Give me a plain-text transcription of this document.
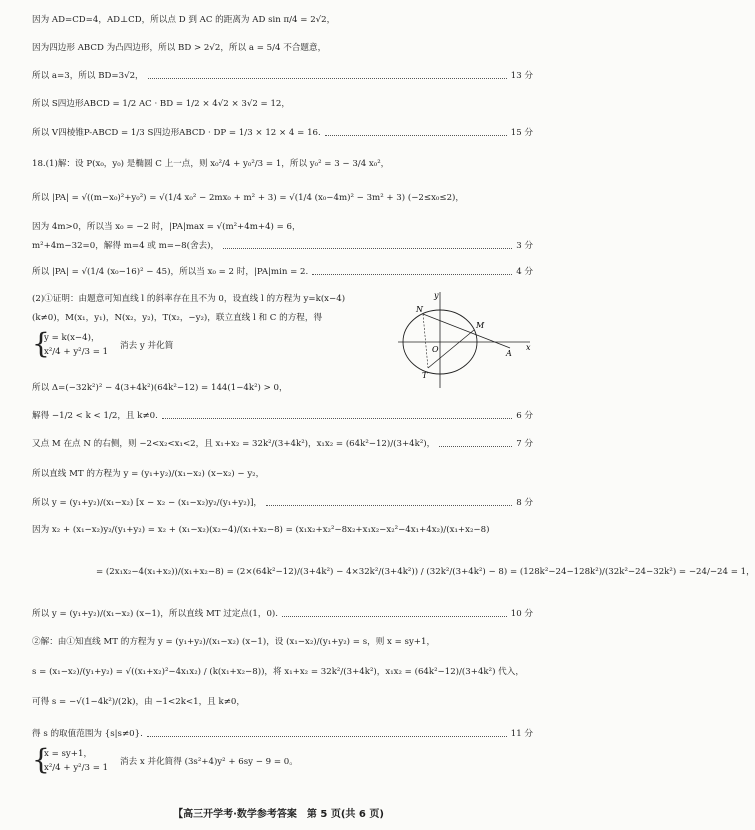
因为 AD=CD=4，AD⊥CD，所以点 D 到 AC 的距离为 AD sin π/4 = 2√2，
因为四边形 ABCD 为凸四边形，所以 BD > 2√2，所以 a = 5/4 不合题意，
所以 a=3，所以 BD=3√2，	13 分
所以 S四边形ABCD = 1/2 AC · BD = 1/2 × 4√2 × 3√2 = 12，
所以 V四棱锥P-ABCD = 1/3 S四边形ABCD · DP = 1/3 × 12 × 4 = 16.	15 分
18.(1)解：设 P(x₀，y₀) 是椭圆 C 上一点，则 x₀²/4 + y₀²/3 = 1，所以 y₀² = 3 − 3/4 x₀²，
所以 |PA| = √((m−x₀)²+y₀²) = √(1/4 x₀² − 2mx₀ + m² + 3) = √(1/4 (x₀−4m)² − 3m² + 3) (−2≤x₀≤2)，
因为 4m>0，所以当 x₀ = −2 时，|PA|max = √(m²+4m+4) = 6，
m²+4m−32=0，解得 m=4 或 m=−8(舍去)，	3 分
所以 |PA| = √(1/4 (x₀−16)² − 45)，所以当 x₀ = 2 时，|PA|min = 2.	4 分
(2)①证明：由题意可知直线 l 的斜率存在且不为 0，设直线 l 的方程为 y=k(x−4)
(k≠0)，M(x₁，y₁)，N(x₂，y₂)，T(x₂，−y₂)，联立直线 l 和 C 的方程，得
所以 Δ=(−32k²)² − 4(3+4k²)(64k²−12) = 144(1−4k²) > 0，
解得 −1/2 < k < 1/2，且 k≠0.	6 分
又点 M 在点 N 的右侧，则 −2<x₂<x₁<2，且 x₁+x₂ = 32k²/(3+4k²)，x₁x₂ = (64k²−12)/(3+4k²)，	7 分
所以直线 MT 的方程为 y = (y₁+y₂)/(x₁−x₂) (x−x₂) − y₂，
所以 y = (y₁+y₂)/(x₁−x₂) [x − x₂ − (x₁−x₂)y₂/(y₁+y₂)]，	8 分
因为 x₂ + (x₁−x₂)y₂/(y₁+y₂) = x₂ + (x₁−x₂)(x₂−4)/(x₁+x₂−8) = (x₁x₂+x₂²−8x₂+x₁x₂−x₂²−4x₁+4x₂)/(x₁+x₂−8)
= (2x₁x₂−4(x₁+x₂))/(x₁+x₂−8) = (2×(64k²−12)/(3+4k²) − 4×32k²/(3+4k²)) / (32k²/(3+4k²) − 8) = (128k²−24−128k²)/(32k²−24−32k²) = −24/−24 = 1，
所以 y = (y₁+y₂)/(x₁−x₂) (x−1)，所以直线 MT 过定点(1，0).	10 分
②解：由①知直线 MT 的方程为 y = (y₁+y₂)/(x₁−x₂) (x−1)，设 (x₁−x₂)/(y₁+y₂) = s，则 x = sy+1，
s = (x₁−x₂)/(y₁+y₂) = √((x₁+x₂)²−4x₁x₂) / (k(x₁+x₂−8))，将 x₁+x₂ = 32k²/(3+4k²)，x₁x₂ = (64k²−12)/(3+4k²) 代入，
可得 s = −√(1−4k²)/(2k)，由 −1<2k<1，且 k≠0，
得 s 的取值范围为 {s|s≠0}.	11 分
{
y = k(x−4)，
x²/4 + y²/3 = 1
消去 y 并化简
{
x = sy+1，
x²/4 + y²/3 = 1
消去 x 并化简得 (3s²+4)y² + 6sy − 9 = 0。
y
x
N
M
O
T
A
【高三开学考·数学参考答案　第 5 页(共 6 页)
